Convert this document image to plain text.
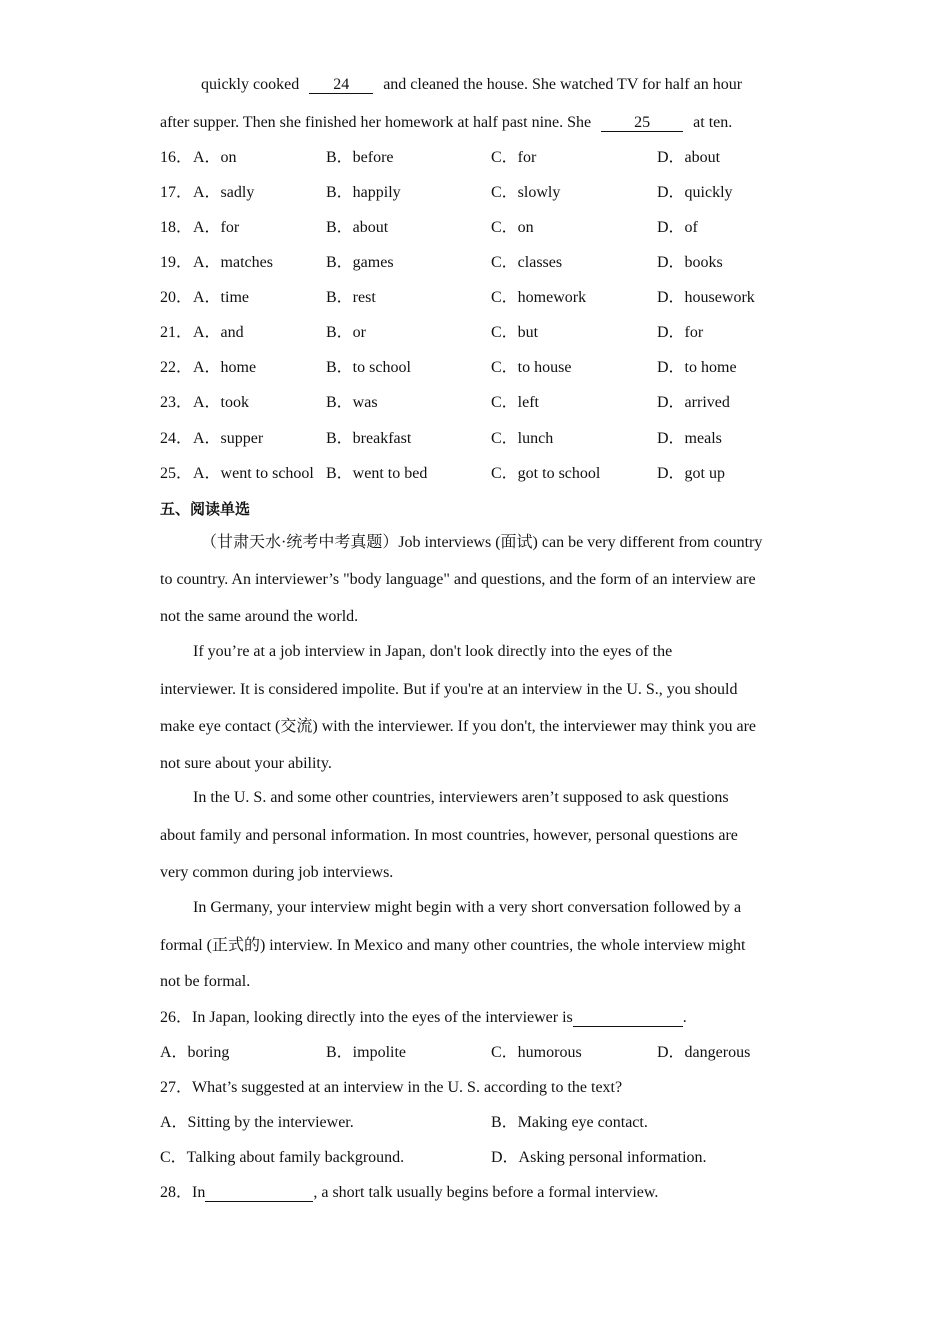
quickly cooked 24 and cleaned the house. She watched TV for half an hour
after supper. Then she finished her homework at half past nine. She	25	at ten.
16． A．on	B．before	C．for	D．about
17． A．sadly	B．happily	C．slowly	D．quickly
18． A．for	B．about	C．on	D．of
19． A．matches	B．games	C．classes	D．books
20． A．time	B．rest	C．homework	D．housework
21． A．and	B．or	C．but	D．for
22． A．home	B．to school	C．to house	D．to home
23． A．took	B．was	C．left	D．arrived
24． A．supper	B．breakfast	C．lunch	D．meals
25． A．went to school B．went to bed	C．got to school	D．got up
五、阅读单选
（甘肃天水·统考中考真题）Job interviews (面试) can be very different from country
to country. An interviewer’s "body language" and questions, and the form of an interview are
not the same around the world.
If you’re at a job interview in Japan, don't look directly into the eyes of the
interviewer. It is considered impolite. But if you're at an interview in the U. S., you should
make eye contact (交流) with the interviewer. If you don't, the interviewer may think you are
not sure about your ability.
In the U. S. and some other countries, interviewers aren’t supposed to ask questions
about family and personal information. In most countries, however, personal questions are
very common during job interviews.
In Germany, your interview might begin with a very short conversation followed by a
formal (正式的) interview. In Mexico and many other countries, the whole interview might
not be formal.
26．In Japan, looking directly into the eyes of the interviewer is	.
A．boring	B．impolite	C．humorous	D．dangerous
27．What’s suggested at an interview in the U. S. according to the text?
A．Sitting by the interviewer.	B．Making eye contact.
C．Talking about family background.	D．Asking personal information.
28．In	, a short talk usually begins before a formal interview.
